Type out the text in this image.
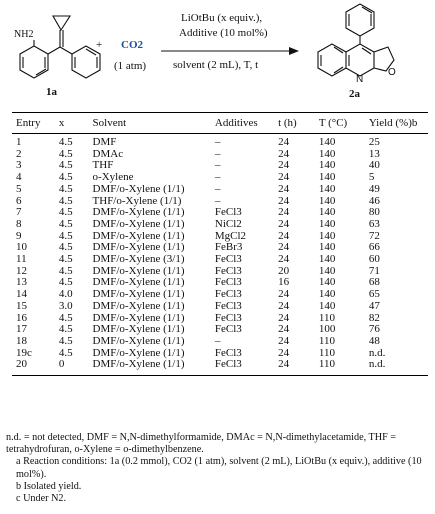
N
O
NH2
1a
+ CO2
(1 atm)
LiOtBu (x equiv.),
Additive (10 mol%)
solvent (2 mL), T, t
2a
Entry	x	Solvent	Additives	t (h)	T (°C)	Yield (%)b
1	4.5	DMF	–	24	140	25
2	4.5	DMAc	–	24	140	13
3	4.5	THF	–	24	140	40
4	4.5	o-Xylene	–	24	140	5
5	4.5	DMF/o-Xylene (1/1)	–	24	140	49
6	4.5	THF/o-Xylene (1/1)	–	24	140	46
7	4.5	DMF/o-Xylene (1/1)	FeCl3	24	140	80
8	4.5	DMF/o-Xylene (1/1)	NiCl2	24	140	63
9	4.5	DMF/o-Xylene (1/1)	MgCl2	24	140	72
10	4.5	DMF/o-Xylene (1/1)	FeBr3	24	140	66
11	4.5	DMF/o-Xylene (3/1)	FeCl3	24	140	60
12	4.5	DMF/o-Xylene (1/1)	FeCl3	20	140	71
13	4.5	DMF/o-Xylene (1/1)	FeCl3	16	140	68
14	4.0	DMF/o-Xylene (1/1)	FeCl3	24	140	65
15	3.0	DMF/o-Xylene (1/1)	FeCl3	24	140	47
16	4.5	DMF/o-Xylene (1/1)	FeCl3	24	110	82
17	4.5	DMF/o-Xylene (1/1)	FeCl3	24	100	76
18	4.5	DMF/o-Xylene (1/1)	–	24	110	48
19c	4.5	DMF/o-Xylene (1/1)	FeCl3	24	110	n.d.
20	0	DMF/o-Xylene (1/1)	FeCl3	24	110	n.d.

n.d. = not detected, DMF = N,N-dimethylformamide, DMAc = N,N-dimethylacetamide, THF = tetrahydrofuran, o-Xylene = o-dimethylbenzene.

a Reaction conditions: 1a (0.2 mmol), CO2 (1 atm), solvent (2 mL), LiOtBu (x equiv.), additive (10 mol%).

b Isolated yield.

c Under N2.
